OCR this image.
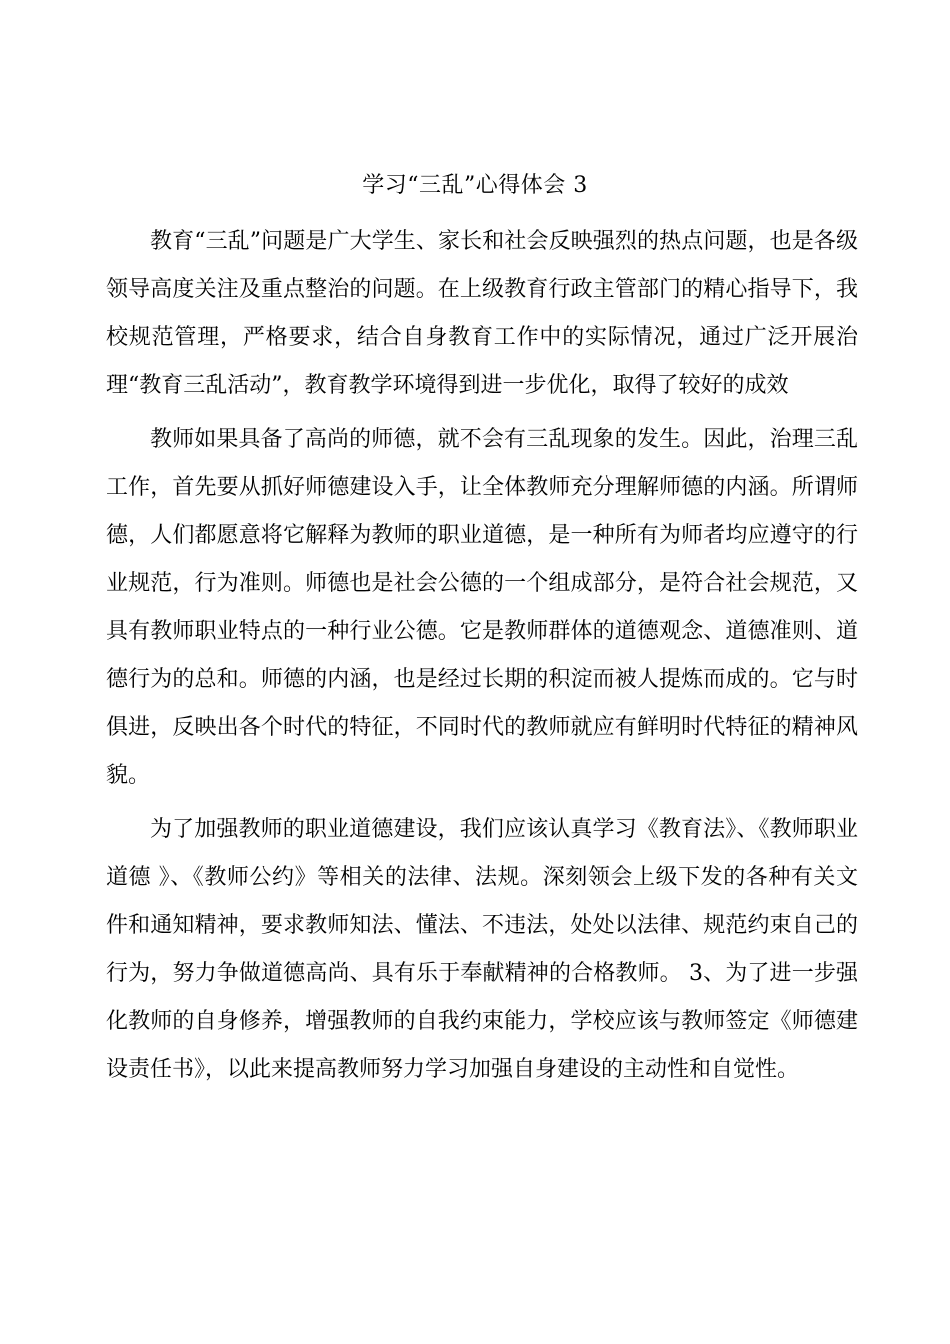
学习“三乱”心得体会 3

教育“三乱”问题是广大学生、家长和社会反映强烈的热点问题，也是各级领导高度关注及重点整治的问题。在上级教育行政主管部门的精心指导下，我校规范管理，严格要求，结合自身教育工作中的实际情况，通过广泛开展治理“教育三乱活动”，教育教学环境得到进一步优化，取得了较好的成效

教师如果具备了高尚的师德，就不会有三乱现象的发生。因此，治理三乱工作，首先要从抓好师德建设入手，让全体教师充分理解师德的内涵。所谓师德，人们都愿意将它解释为教师的职业道德，是一种所有为师者均应遵守的行业规范，行为准则。师德也是社会公德的一个组成部分，是符合社会规范，又具有教师职业特点的一种行业公德。它是教师群体的道德观念、道德准则、道德行为的总和。师德的内涵，也是经过长期的积淀而被人提炼而成的。它与时俱进，反映出各个时代的特征，不同时代的教师就应有鲜明时代特征的精神风貌。

为了加强教师的职业道德建设，我们应该认真学习《教育法》、《教师职业道德 》、《教师公约》等相关的法律、法规。深刻领会上级下发的各种有关文件和通知精神，要求教师知法、懂法、不违法，处处以法律、规范约束自己的行为，努力争做道德高尚、具有乐于奉献精神的合格教师。 3、为了进一步强化教师的自身修养，增强教师的自我约束能力，学校应该与教师签定《师德建设责任书》，以此来提高教师努力学习加强自身建设的主动性和自觉性。
